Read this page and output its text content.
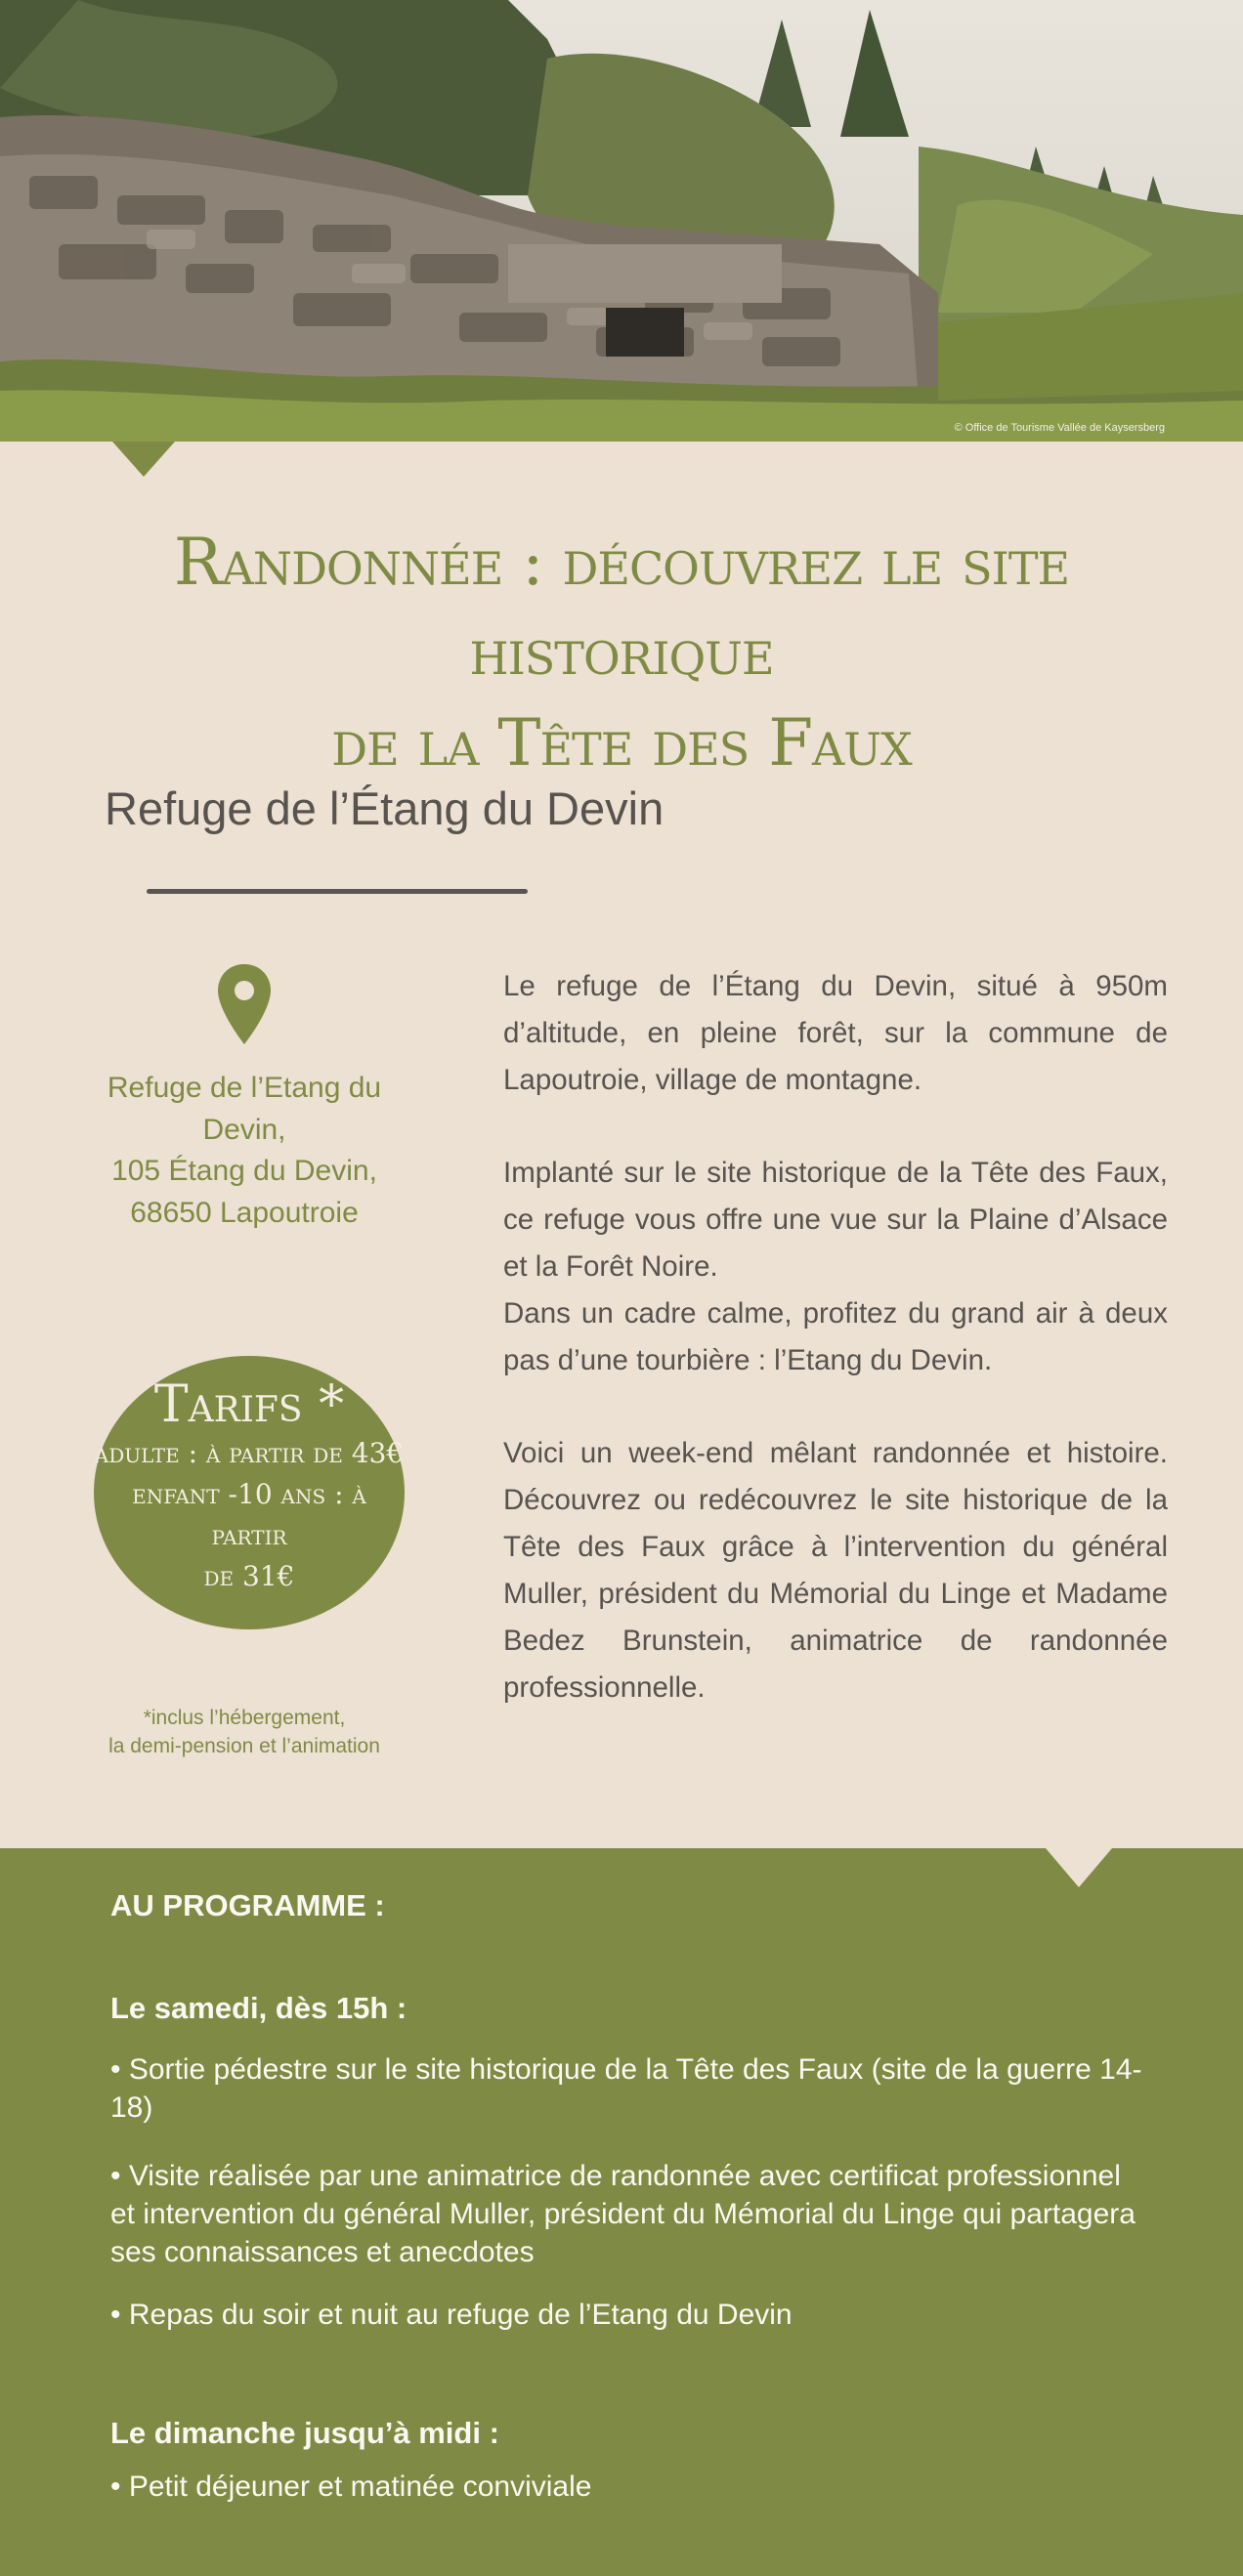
© Office de Tourisme Vallée de Kaysersberg
Randonnée : découvrez le site historique
de la Tête des Faux
Refuge de l’Étang du Devin
Refuge de l’Etang du
Devin,
105 Étang du Devin,
68650 Lapoutroie
Tarifs *
adulte : à partir de 43€
enfant -10 ans : à partir
de 31€
*inclus l’hébergement,
la demi-pension et l’animation

Le refuge de l’Étang du Devin, situé à 950m d’altitude, en pleine forêt, sur la commune de Lapoutroie, village de montagne.

Implanté sur le site historique de la Tête des Faux, ce refuge vous offre une vue sur la Plaine d’Alsace et la Forêt Noire.

Dans un cadre calme, profitez du grand air à deux pas d’une tourbière : l’Etang du Devin.

Voici un week-end mêlant randonnée et histoire. Découvrez ou redécouvrez le site historique de la Tête des Faux grâce à l’intervention du général Muller, président du Mémorial du Linge et Madame Bedez Brunstein, animatrice de randonnée professionnelle.

AU PROGRAMME :
Le samedi, dès 15h :
• Sortie pédestre sur le site historique de la Tête des Faux (site de la guerre 14-18)
• Visite réalisée par une animatrice de randonnée avec certificat professionnel et intervention du général Muller, président du Mémorial du Linge qui partagera ses connaissances et anecdotes
• Repas du soir et nuit au refuge de l’Etang du Devin
Le dimanche jusqu’à midi :
• Petit déjeuner et matinée conviviale
